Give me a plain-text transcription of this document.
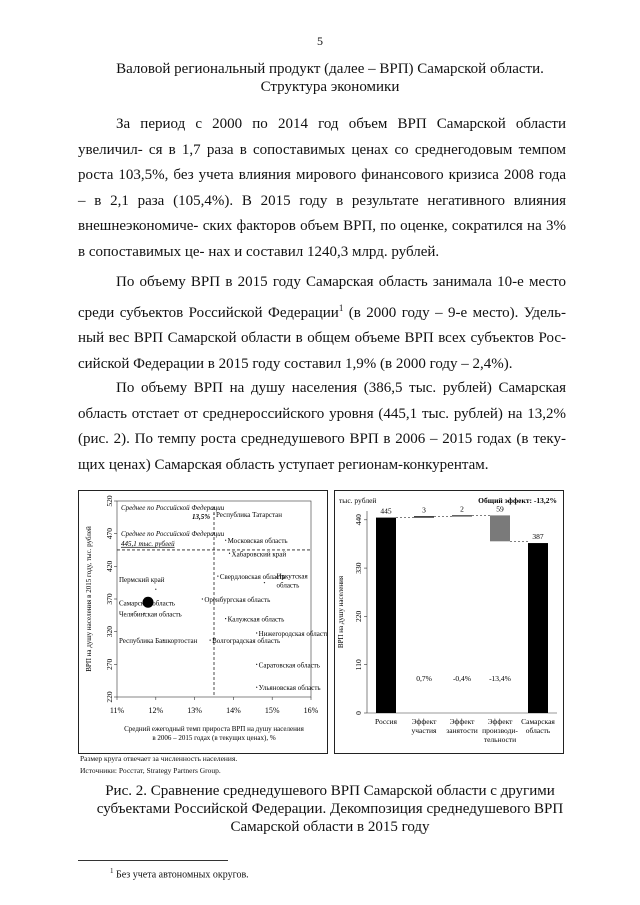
5
Валовой региональный продукт (далее – ВРП) Самарской области.
Структура экономики

За период с 2000 по 2014 год объем ВРП Самарской области увеличил- ся в 1,7 раза в сопоставимых ценах со среднегодовым темпом роста 103,5%, без учета влияния мирового финансового кризиса 2008 года – в 2,1 раза (105,4%). В 2015 году в результате негативного влияния внешнеэкономиче- ских факторов объем ВРП, по оценке, сократился на 3% в сопоставимых це- нах и составил 1240,3 млрд. рублей.

По объему ВРП в 2015 году Самарская область занимала 10-е место среди субъектов Российской Федерации$^1$ (в 2000 году – 9-е место). Удель- ный вес ВРП Самарской области в общем объеме ВРП всех субъектов Рос- сийской Федерации в 2015 году составил 1,9% (в 2000 году – 2,4%).

По объему ВРП на душу населения (386,5 тыс. рублей) Самарская область отстает от среднероссийского уровня (445,1 тыс. рублей) на 13,2% (рис. 2). По темпу роста среднедушевого ВРП в 2006 – 2015 годах (в теку- щих ценах) Самарская область уступает регионам-конкурентам.

220
270
320
370
420
470
520
11%	12%	13%	14%	15%	16%
ВРП на душу населения в 2015 году, тыс. рублей
Средний ежегодный темп прироста ВРП на душу населения
в 2006 – 2015 годах (в текущих ценах), %
Среднее по Российской Федерации
13,5%
Среднее по Российской Федерации
445,1 тыс. рублей
Республика Татарстан
Московская область
Хабаровский край
Свердловская область
Пермский край	Иркутская
область
Оренбургская область
Самарская область
Челябинская область
Калужская область
Нижегородская область
Республика Башкортостан Волгоградская область
Саратовская область
Ульяновская область
Размер круга отвечает за численность населения.
Источники: Росстат, Strategy Partners Group.
тыс. рублей	Общий эффект: -13,2%
0
110
220
330
440
ВРП на душу населения
445
Россия
3
0,7%
Эффект
участия
2
-0,4%
Эффект
занятости
59
-13,4%
Эффект
производи-
тельности
387
Самарская
область
Рис. 2. Сравнение среднедушевого ВРП Самарской области с другими
субъектами Российской Федерации. Декомпозиция среднедушевого ВРП
Самарской области в 2015 году
$^1$ Без учета автономных округов.
